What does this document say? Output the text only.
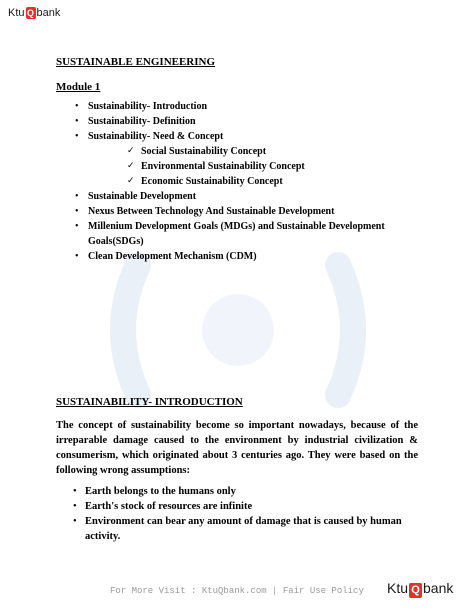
Ktu Q bank
SUSTAINABLE ENGINEERING
Module 1
• Sustainability- Introduction
• Sustainability- Definition
• Sustainability- Need & Concept
✓ Social Sustainability Concept
✓ Environmental Sustainability Concept
✓ Economic Sustainability Concept
• Sustainable Development
• Nexus Between Technology And Sustainable Development
• Millenium Development Goals (MDGs) and Sustainable Development Goals(SDGs)
• Clean Development Mechanism (CDM)
SUSTAINABILITY- INTRODUCTION

The concept of sustainability become so important nowadays, because of the irreparable damage caused to the environment by industrial civilization & consumerism, which originated about 3 centuries ago. They were based on the following wrong assumptions:

• Earth belongs to the humans only
• Earth's stock of resources are infinite
• Environment can bear any amount of damage that is caused by human activity.
For More Visit : KtuQbank.com | Fair Use Policy Ktu Q bank
